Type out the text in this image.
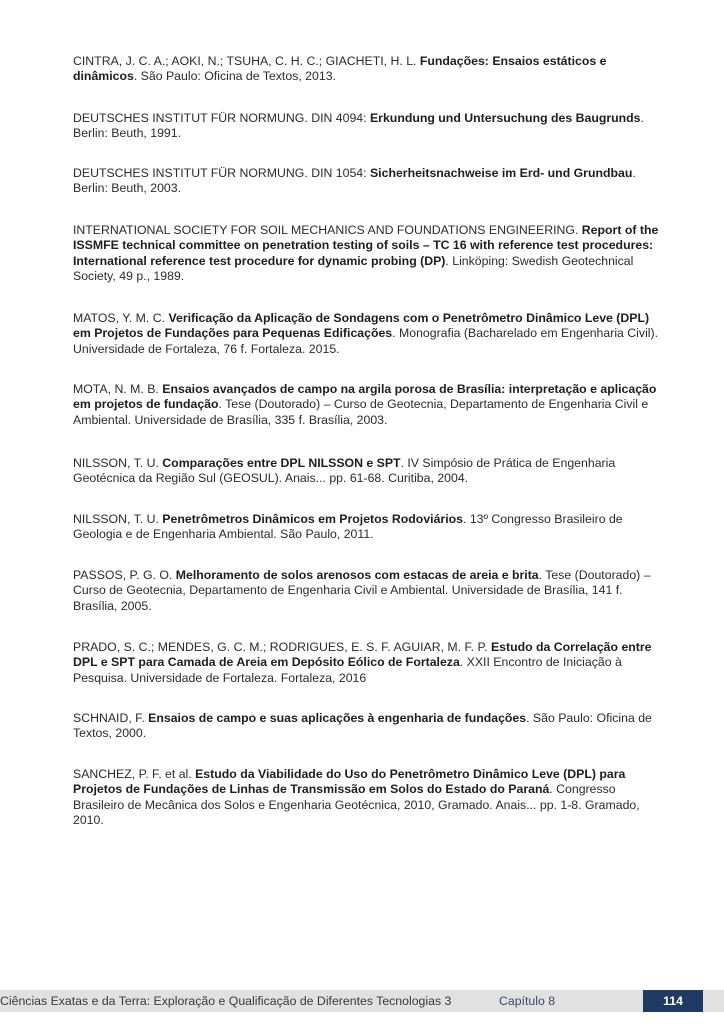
CINTRA, J. C. A.; AOKI, N.; TSUHA, C. H. C.; GIACHETI, H. L. Fundações: Ensaios estáticos e dinâmicos. São Paulo: Oficina de Textos, 2013.

DEUTSCHES INSTITUT FÜR NORMUNG. DIN 4094: Erkundung und Untersuchung des Baugrunds. Berlin: Beuth, 1991.

DEUTSCHES INSTITUT FÜR NORMUNG. DIN 1054: Sicherheitsnachweise im Erd- und Grundbau. Berlin: Beuth, 2003.

INTERNATIONAL SOCIETY FOR SOIL MECHANICS AND FOUNDATIONS ENGINEERING. Report of the ISSMFE technical committee on penetration testing of soils – TC 16 with reference test procedures: International reference test procedure for dynamic probing (DP). Linköping: Swedish Geotechnical Society, 49 p., 1989.

MATOS, Y. M. C. Verificação da Aplicação de Sondagens com o Penetrômetro Dinâmico Leve (DPL) em Projetos de Fundações para Pequenas Edificações. Monografia (Bacharelado em Engenharia Civil). Universidade de Fortaleza, 76 f. Fortaleza. 2015.

MOTA, N. M. B. Ensaios avançados de campo na argila porosa de Brasília: interpretação e aplicação em projetos de fundação. Tese (Doutorado) – Curso de Geotecnia, Departamento de Engenharia Civil e Ambiental. Universidade de Brasília, 335 f. Brasília, 2003.

NILSSON, T. U. Comparações entre DPL NILSSON e SPT. IV Simpósio de Prática de Engenharia Geotécnica da Região Sul (GEOSUL). Anais... pp. 61-68. Curitiba, 2004.

NILSSON, T. U. Penetrômetros Dinâmicos em Projetos Rodoviários. 13º Congresso Brasileiro de Geologia e de Engenharia Ambiental. São Paulo, 2011.

PASSOS, P. G. O. Melhoramento de solos arenosos com estacas de areia e brita. Tese (Doutorado) – Curso de Geotecnia, Departamento de Engenharia Civil e Ambiental. Universidade de Brasília, 141 f. Brasília, 2005.

PRADO, S. C.; MENDES, G. C. M.; RODRIGUES, E. S. F. AGUIAR, M. F. P. Estudo da Correlação entre DPL e SPT para Camada de Areia em Depósito Eólico de Fortaleza. XXII Encontro de Iniciação à Pesquisa. Universidade de Fortaleza. Fortaleza, 2016

SCHNAID, F. Ensaios de campo e suas aplicações à engenharia de fundações. São Paulo: Oficina de Textos, 2000.

SANCHEZ, P. F. et al. Estudo da Viabilidade do Uso do Penetrômetro Dinâmico Leve (DPL) para Projetos de Fundações de Linhas de Transmissão em Solos do Estado do Paraná. Congresso Brasileiro de Mecânica dos Solos e Engenharia Geotécnica, 2010, Gramado. Anais... pp. 1-8. Gramado, 2010.

Ciências Exatas e da Terra: Exploração e Qualificação de Diferentes Tecnologias 3	Capítulo 8	114
